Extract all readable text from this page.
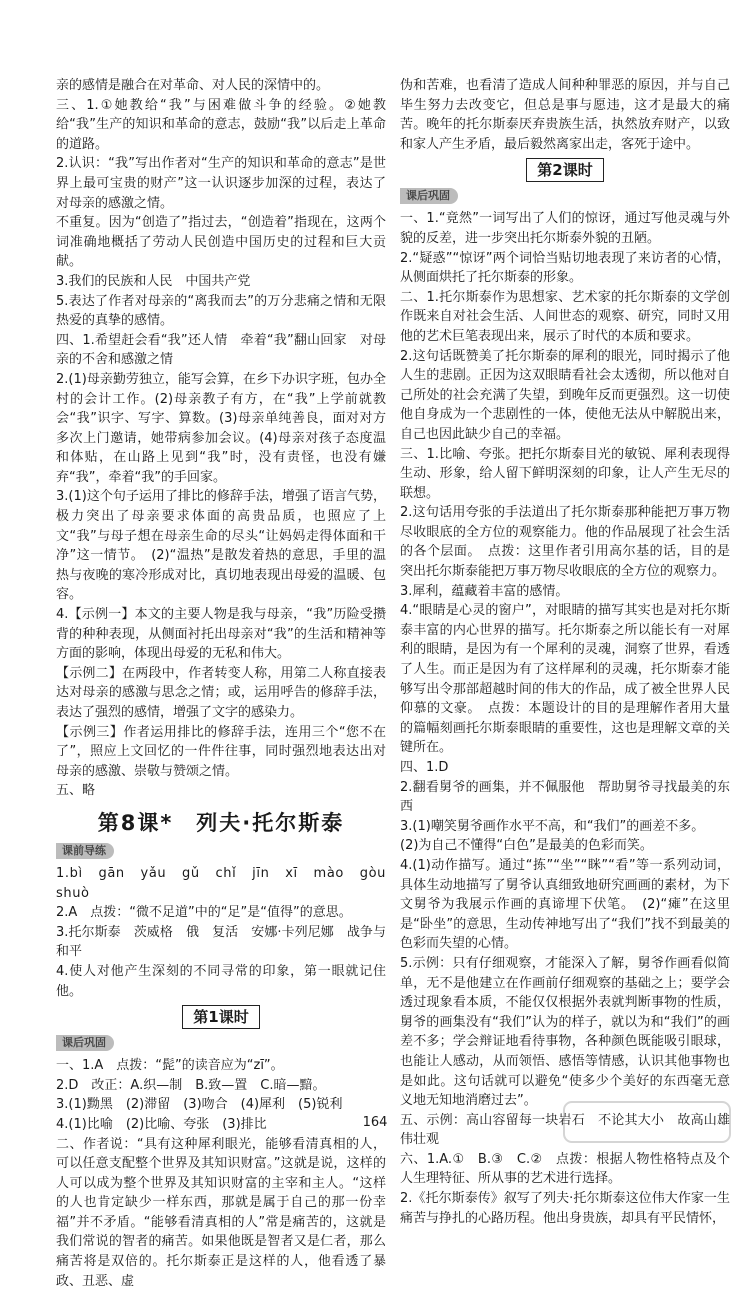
亲的感情是融合在对革命、对人民的深情中的。

三、1.①她教给“我”与困难做斗争的经验。②她教给“我”生产的知识和革命的意志，鼓励“我”以后走上革命的道路。

2.认识：“我”写出作者对“生产的知识和革命的意志”是世界上最可宝贵的财产”这一认识逐步加深的过程，表达了对母亲的感激之情。

不重复。因为“创造了”指过去，“创造着”指现在，这两个词准确地概括了劳动人民创造中国历史的过程和巨大贡献。

3.我们的民族和人民　中国共产党

5.表达了作者对母亲的“离我而去”的万分悲痛之情和无限热爱的真挚的感情。

四、1.希望赶会看“我”还人情　牵着“我”翻山回家　对母亲的不舍和感激之情

2.(1)母亲勤劳独立，能写会算，在乡下办识字班，包办全村的会计工作。(2)母亲教子有方，在“我”上学前就教会“我”识字、写字、算数。(3)母亲单纯善良，面对对方多次上门邀请，她带病参加会议。(4)母亲对孩子态度温和体贴，在山路上见到“我”时，没有责怪，也没有嫌弃“我”，牵着“我”的手回家。

3.(1)这个句子运用了排比的修辞手法，增强了语言气势，极力突出了母亲要求体面的高贵品质，也照应了上文“我”与母子想在母亲生命的尽头“让妈妈走得体面和干净”这一情节。　(2)“温热”是散发着热的意思，手里的温热与夜晚的寒冷形成对比，真切地表现出母爱的温暖、包容。

4.【示例一】本文的主要人物是我与母亲，“我”历险受攒背的种种表现，从侧面衬托出母亲对“我”的生活和精神等方面的影响，体现出母爱的无私和伟大。

【示例二】在两段中，作者转变人称，用第二人称直接表达对母亲的感激与思念之情；或，运用呼告的修辞手法，表达了强烈的感情，增强了文字的感染力。

【示例三】作者运用排比的修辞手法，连用三个“您不在了”，照应上文回忆的一件件往事，同时强烈地表达出对母亲的感激、崇敬与赞颂之情。

五、略

第8课*　列夫·托尔斯泰
课前导练

1.bì　gān　yǎu　gǔ　chǐ　jīn　xī　mào　gòu　shuò

2.A　点拨：“微不足道”中的“足”是“值得”的意思。

3.托尔斯泰　茨威格　俄　复活　安娜·卡列尼娜　战争与和平

4.使人对他产生深刻的不同寻常的印象，第一眼就记住他。

第1课时
课后巩固

一、1.A　点拨：“髭”的读音应为“zī”。

2.D　改正：A.织—制　B.致—置　C.暗—黯。

3.(1)黝黑　(2)滞留　(3)吻合　(4)犀利　(5)锐利

4.(1)比喻　(2)比喻、夸张　(3)排比

二、作者说：“具有这种犀利眼光，能够看清真相的人，可以任意支配整个世界及其知识财富。”这就是说，这样的人可以成为整个世界及其知识财富的主宰和主人。“这样的人也肯定缺少一样东西，那就是属于自己的那一份幸福”并不矛盾。“能够看清真相的人”常是痛苦的，这就是我们常说的智者的痛苦。如果他既是智者又是仁者，那么痛苦将是双倍的。托尔斯泰正是这样的人，他看透了暴政、丑恶、虚

伪和苦难，也看清了造成人间种种罪恶的原因，并与自己毕生努力去改变它，但总是事与愿违，这才是最大的痛苦。晚年的托尔斯泰厌弃贵族生活，执然放弃财产，以致和家人产生矛盾，最后毅然离家出走，客死于途中。

第2课时
课后巩固

一、1.“竟然”一词写出了人们的惊讶，通过写他灵魂与外貌的反差，进一步突出托尔斯泰外貌的丑陋。

2.“疑惑”“惊讶”两个词恰当贴切地表现了来访者的心情，从侧面烘托了托尔斯泰的形象。

二、1.托尔斯泰作为思想家、艺术家的托尔斯泰的文学创作既来自对社会生活、人间世态的观察、研究，同时又用他的艺术巨笔表现出来，展示了时代的本质和要求。

2.这句话既赞美了托尔斯泰的犀利的眼光，同时揭示了他人生的悲剧。正因为这双眼睛看社会太透彻，所以他对自己所处的社会充满了失望，到晚年反而更强烈。这一切使他自身成为一个悲剧性的一体，使他无法从中解脱出来，自己也因此缺少自己的幸福。

三、1.比喻、夸张。把托尔斯泰目光的敏锐、犀利表现得生动、形象，给人留下鲜明深刻的印象，让人产生无尽的联想。

2.这句话用夸张的手法道出了托尔斯泰那种能把万事万物尽收眼底的全方位的观察能力。他的作品展现了社会生活的各个层面。　点拨：这里作者引用高尔基的话，目的是突出托尔斯泰能把万事万物尽收眼底的全方位的观察力。

3.犀利，蕴藏着丰富的感情。

4.“眼睛是心灵的窗户”，对眼睛的描写其实也是对托尔斯泰丰富的内心世界的描写。托尔斯泰之所以能长有一对犀利的眼睛，是因为有一个犀利的灵魂，洞察了世界，看透了人生。而正是因为有了这样犀利的灵魂，托尔斯泰才能够写出令那部超越时间的伟大的作品，成了被全世界人民仰慕的文豪。　点拨：本题设计的目的是理解作者用大量的篇幅刻画托尔斯泰眼睛的重要性，这也是理解文章的关键所在。

四、1.D

2.翻看舅爷的画集，并不佩服他　帮助舅爷寻找最美的东西

3.(1)嘲笑舅爷画作水平不高，和“我们”的画差不多。

(2)为自己不懂得“白色”是最美的色彩而笑。

4.(1)动作描写。通过“拣”“坐”“眯”“看”等一系列动词，具体生动地描写了舅爷认真细致地研究画画的素材，为下文舅爷为我展示作画的真谛埋下伏笔。　(2)“瘫”在这里是“卧坐”的意思，生动传神地写出了“我们”找不到最美的色彩而失望的心情。

5.示例：只有仔细观察，才能深入了解，舅爷作画看似简单，无不是他建立在作画前仔细观察的基础之上；要学会透过现象看本质，不能仅仅根据外表就判断事物的性质，舅爷的画集没有“我们”认为的样子，就以为和“我们”的画差不多；学会辩证地看待事物，各种颜色既能吸引眼球，也能让人感动，从而领悟、感悟等情感，认识其他事物也是如此。这句话就可以避免“使多少个美好的东西毫无意义地无知地消磨过去”。

五、示例：高山容留每一块岩石　不论其大小　故高山雄伟壮观

六、1.A.①　B.③　C.②　点拨：根据人物性格特点及个人生理特征、所从事的艺术进行选择。

2.《托尔斯泰传》叙写了列夫·托尔斯泰这位伟大作家一生痛苦与挣扎的心路历程。他出身贵族，却具有平民情怀，

164
